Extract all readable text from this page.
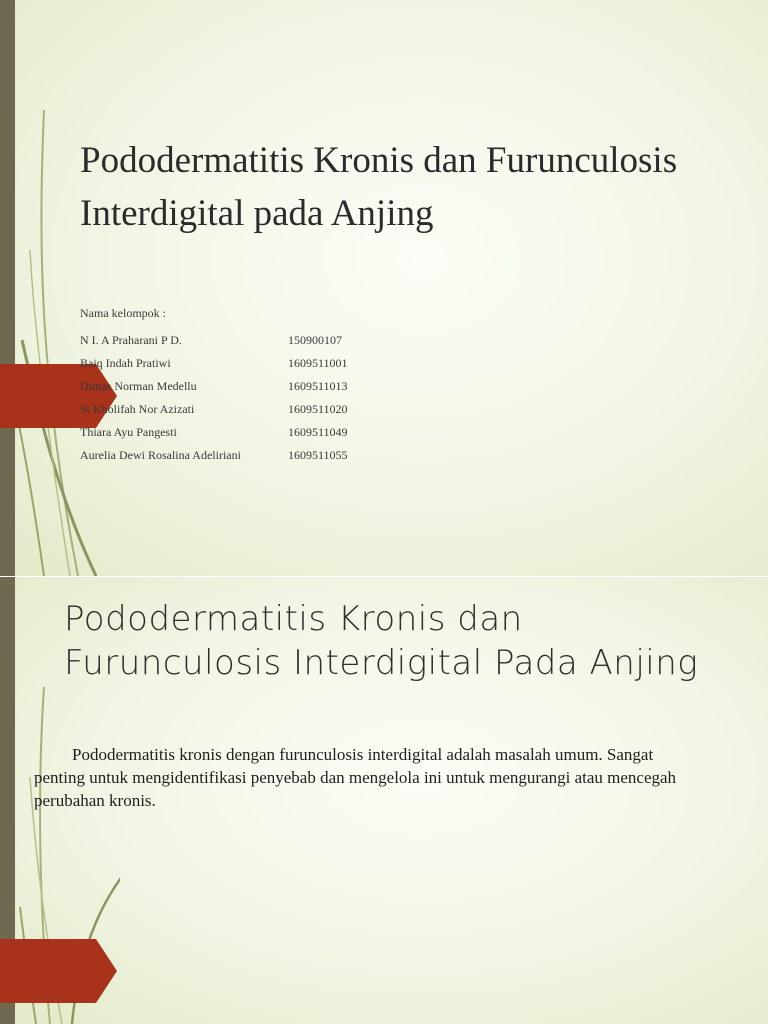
Pododermatitis Kronis dan Furunculosis Interdigital pada Anjing

Nama kelompok :

N I. A Praharani P D.	150900107
Baiq Indah Pratiwi	1609511001
Dimas Norman Medellu	1609511013
St Kholifah Nor Azizati	1609511020
Thiara Ayu Pangesti	1609511049
Aurelia Dewi Rosalina Adeliriani	1609511055
Pododermatitis Kronis dan Furunculosis Interdigital Pada Anjing

Pododermatitis kronis dengan furunculosis interdigital adalah masalah umum. Sangat penting untuk mengidentifikasi penyebab dan mengelola ini untuk mengurangi atau mencegah perubahan kronis.
